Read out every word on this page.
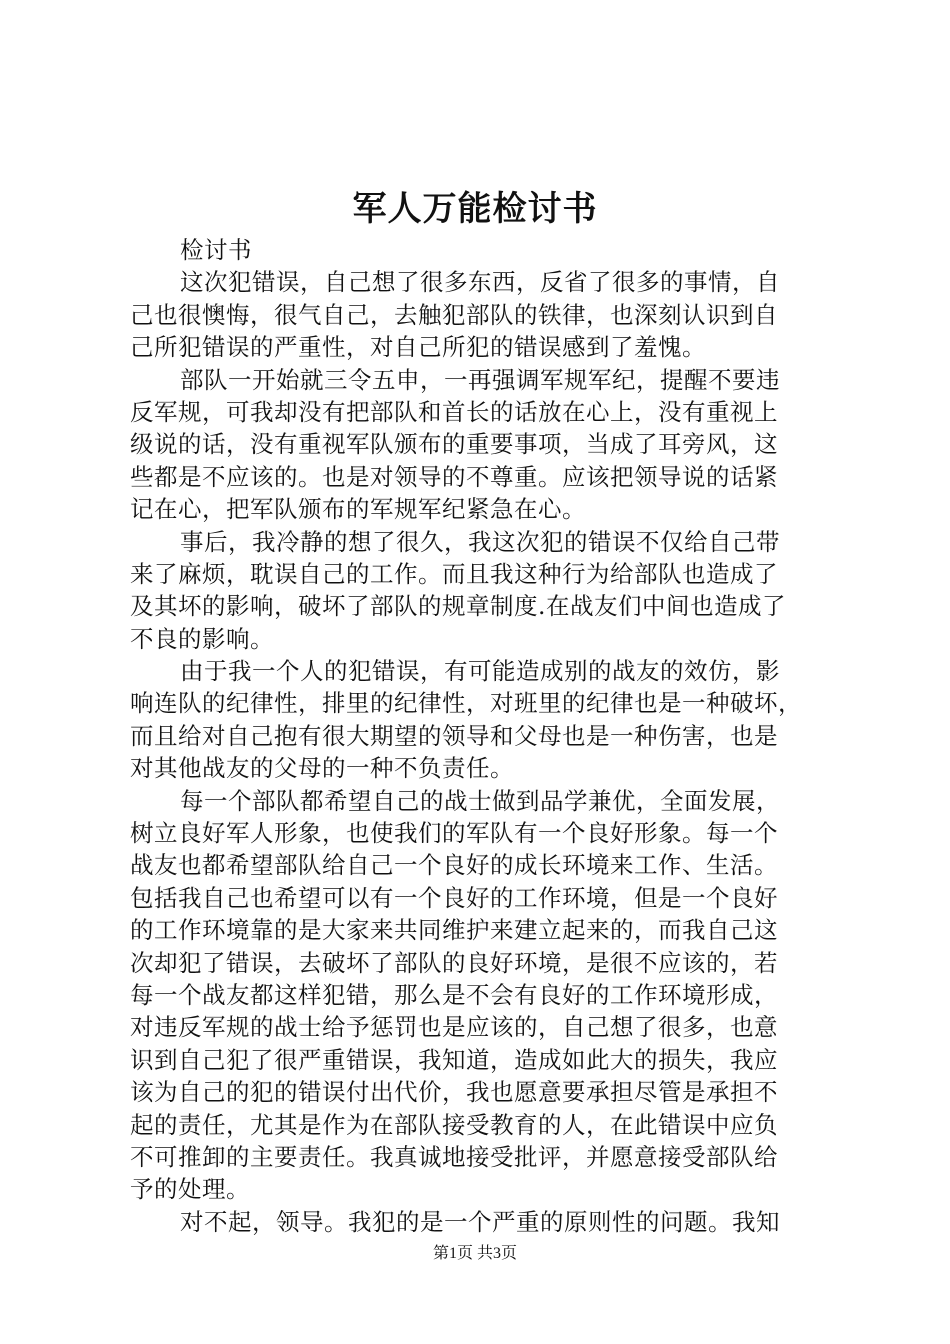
军人万能检讨书
检讨书
这次犯错误，自己想了很多东西，反省了很多的事情，自
己也很懊悔，很气自己，去触犯部队的铁律，也深刻认识到自
己所犯错误的严重性，对自己所犯的错误感到了羞愧。
部队一开始就三令五申，一再强调军规军纪，提醒不要违
反军规，可我却没有把部队和首长的话放在心上，没有重视上
级说的话，没有重视军队颁布的重要事项，当成了耳旁风，这
些都是不应该的。也是对领导的不尊重。应该把领导说的话紧
记在心，把军队颁布的军规军纪紧急在心。
事后，我冷静的想了很久，我这次犯的错误不仅给自己带
来了麻烦，耽误自己的工作。而且我这种行为给部队也造成了
及其坏的影响，破坏了部队的规章制度.在战友们中间也造成了
不良的影响。
由于我一个人的犯错误，有可能造成别的战友的效仿，影
响连队的纪律性，排里的纪律性，对班里的纪律也是一种破坏，
而且给对自己抱有很大期望的领导和父母也是一种伤害，也是
对其他战友的父母的一种不负责任。
每一个部队都希望自己的战士做到品学兼优，全面发展，
树立良好军人形象，也使我们的军队有一个良好形象。每一个
战友也都希望部队给自己一个良好的成长环境来工作、生活。
包括我自己也希望可以有一个良好的工作环境，但是一个良好
的工作环境靠的是大家来共同维护来建立起来的，而我自己这
次却犯了错误，去破坏了部队的良好环境，是很不应该的，若
每一个战友都这样犯错，那么是不会有良好的工作环境形成，
对违反军规的战士给予惩罚也是应该的，自己想了很多，也意
识到自己犯了很严重错误，我知道，造成如此大的损失，我应
该为自己的犯的错误付出代价，我也愿意要承担尽管是承担不
起的责任，尤其是作为在部队接受教育的人，在此错误中应负
不可推卸的主要责任。我真诚地接受批评，并愿意接受部队给
予的处理。
对不起，领导。我犯的是一个严重的原则性的问题。我知
第1页 共3页
